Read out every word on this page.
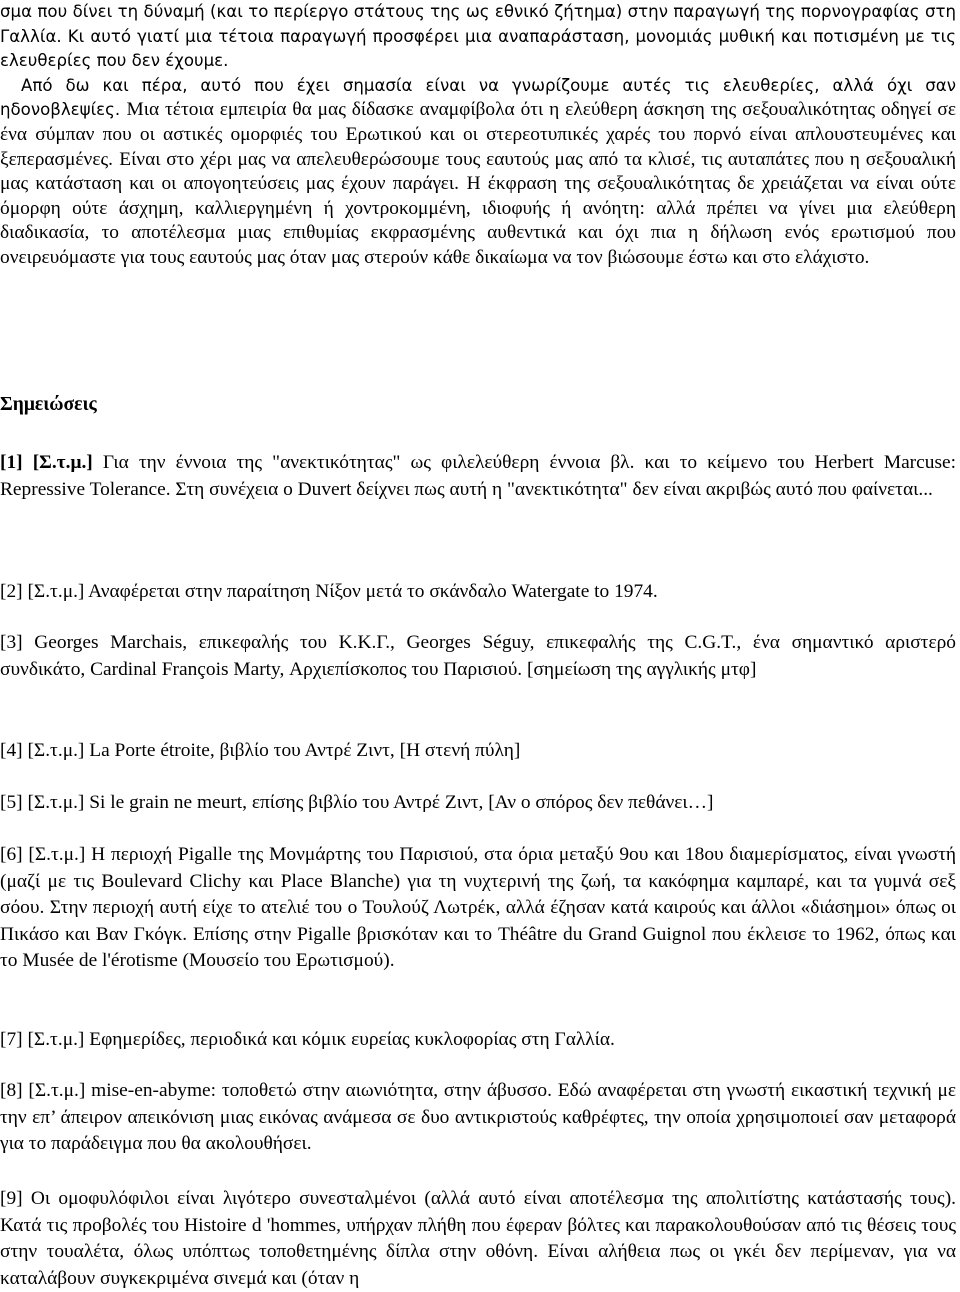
σμα που δίνει τη δύναμή (και το περίεργο στάτους της ως εθνικό ζήτημα) στην παραγωγή της πορνογραφίας στη Γαλλία. Κι αυτό γιατί μια τέτοια παραγωγή προσφέρει μια αναπαράσταση, μονομιάς μυθική και ποτισμένη με τις ελευθερίες που δεν έχουμε.

Από δω και πέρα, αυτό που έχει σημασία είναι να γνωρίζουμε αυτές τις ελευθερίες, αλλά όχι σαν ηδονοβλεψίες. Μια τέτοια εμπειρία θα μας δίδασκε αναμφίβολα ότι η ελεύθερη άσκηση της σεξουαλικότητας οδηγεί σε ένα σύμπαν που οι αστικές ομορφιές του Ερωτικού και οι στερεοτυπικές χαρές του πορνό είναι απλουστευμένες και ξεπερασμένες. Είναι στο χέρι μας να απελευθερώσουμε τους εαυτούς μας από τα κλισέ, τις αυταπάτες που η σεξουαλική μας κατάσταση και οι απογοητεύσεις μας έχουν παράγει. Η έκφραση της σεξουαλικότητας δε χρειάζεται να είναι ούτε όμορφη ούτε άσχημη, καλλιεργημένη ή χοντροκομμένη, ιδιοφυής ή ανόητη: αλλά πρέπει να γίνει μια ελεύθερη διαδικασία, το αποτέλεσμα μιας επιθυμίας εκφρασμένης αυθεντικά και όχι πια η δήλωση ενός ερωτισμού που ονειρευόμαστε για τους εαυτούς μας όταν μας στερούν κάθε δικαίωμα να τον βιώσουμε έστω και στο ελάχιστο.

Σημειώσεις
[1] [Σ.τ.μ.] Για την έννοια της "ανεκτικότητας" ως φιλελεύθερη έννοια βλ. και το κείμενο του Herbert Marcuse: Repressive Tolerance. Στη συνέχεια ο Duvert δείχνει πως αυτή η "ανεκτικότητα" δεν είναι ακριβώς αυτό που φαίνεται...
[2] [Σ.τ.μ.] Αναφέρεται στην παραίτηση Νίξον μετά το σκάνδαλο Watergate to 1974.
[3] Georges Marchais, επικεφαλής του Κ.Κ.Γ., Georges Séguy, επικεφαλής της C.G.T., ένα σημαντικό αριστερό συνδικάτο, Cardinal François Marty, Αρχιεπίσκοπος του Παρισιού. [σημείωση της αγγλικής μτφ]
[4] [Σ.τ.μ.] La Porte étroite, βιβλίο του Αντρέ Ζιντ, [Η στενή πύλη]
[5] [Σ.τ.μ.] Si le grain ne meurt, επίσης βιβλίο του Αντρέ Ζιντ, [Αν ο σπόρος δεν πεθάνει…]
[6] [Σ.τ.μ.] Η περιοχή Pigalle της Μονμάρτης του Παρισιού, στα όρια μεταξύ 9ου και 18ου διαμερίσματος, είναι γνωστή (μαζί με τις Boulevard Clichy και Place Blanche) για τη νυχτερινή της ζωή, τα κακόφημα καμπαρέ, και τα γυμνά σεξ σόου. Στην περιοχή αυτή είχε το ατελιέ του ο Τουλούζ Λωτρέκ, αλλά έζησαν κατά καιρούς και άλλοι «διάσημοι» όπως οι Πικάσο και Βαν Γκόγκ. Επίσης στην Pigalle βρισκόταν και το Théâtre du Grand Guignol που έκλεισε το 1962, όπως και το Musée de l'érotisme (Μουσείο του Ερωτισμού).
[7] [Σ.τ.μ.] Εφημερίδες, περιοδικά και κόμικ ευρείας κυκλοφορίας στη Γαλλία.
[8] [Σ.τ.μ.] mise-en-abyme: τοποθετώ στην αιωνιότητα, στην άβυσσο. Εδώ αναφέρεται στη γνωστή εικαστική τεχνική με την επ’ άπειρον απεικόνιση μιας εικόνας ανάμεσα σε δυο αντικριστούς καθρέφτες, την οποία χρησιμοποιεί σαν μεταφορά για το παράδειγμα που θα ακολουθήσει.
[9] Οι ομοφυλόφιλοι είναι λιγότερο συνεσταλμένοι (αλλά αυτό είναι αποτέλεσμα της απολιτίστης κατάστασής τους). Κατά τις προβολές του Histoire d 'hommes, υπήρχαν πλήθη που έφεραν βόλτες και παρακολουθούσαν από τις θέσεις τους στην τουαλέτα, όλως υπόπτως τοποθετημένης δίπλα στην οθόνη. Είναι αλήθεια πως οι γκέι δεν περίμεναν, για να καταλάβουν συγκεκριμένα σινεμά και (όταν η
